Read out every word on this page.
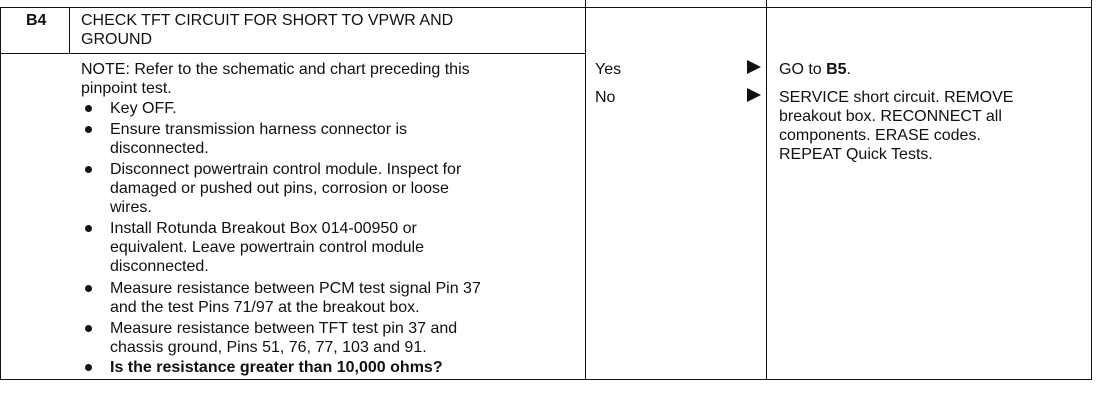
B4 CHECK TFT CIRCUIT FOR SHORT TO VPWR AND
GROUND
NOTE: Refer to the schematic and chart preceding this
pinpoint test.
Key OFF.
Ensure transmission harness connector is
disconnected.
Disconnect powertrain control module. Inspect for
damaged or pushed out pins, corrosion or loose
wires.
Install Rotunda Breakout Box 014-00950 or
equivalent. Leave powertrain control module
disconnected.
Measure resistance between PCM test signal Pin 37
and the test Pins 71/97 at the breakout box.
Measure resistance between TFT test pin 37 and
chassis ground, Pins 51, 76, 77, 103 and 91.
Is the resistance greater than 10,000 ohms?
Yes
No
GO to B5.
SERVICE short circuit. REMOVE
breakout box. RECONNECT all
components. ERASE codes.
REPEAT Quick Tests.
